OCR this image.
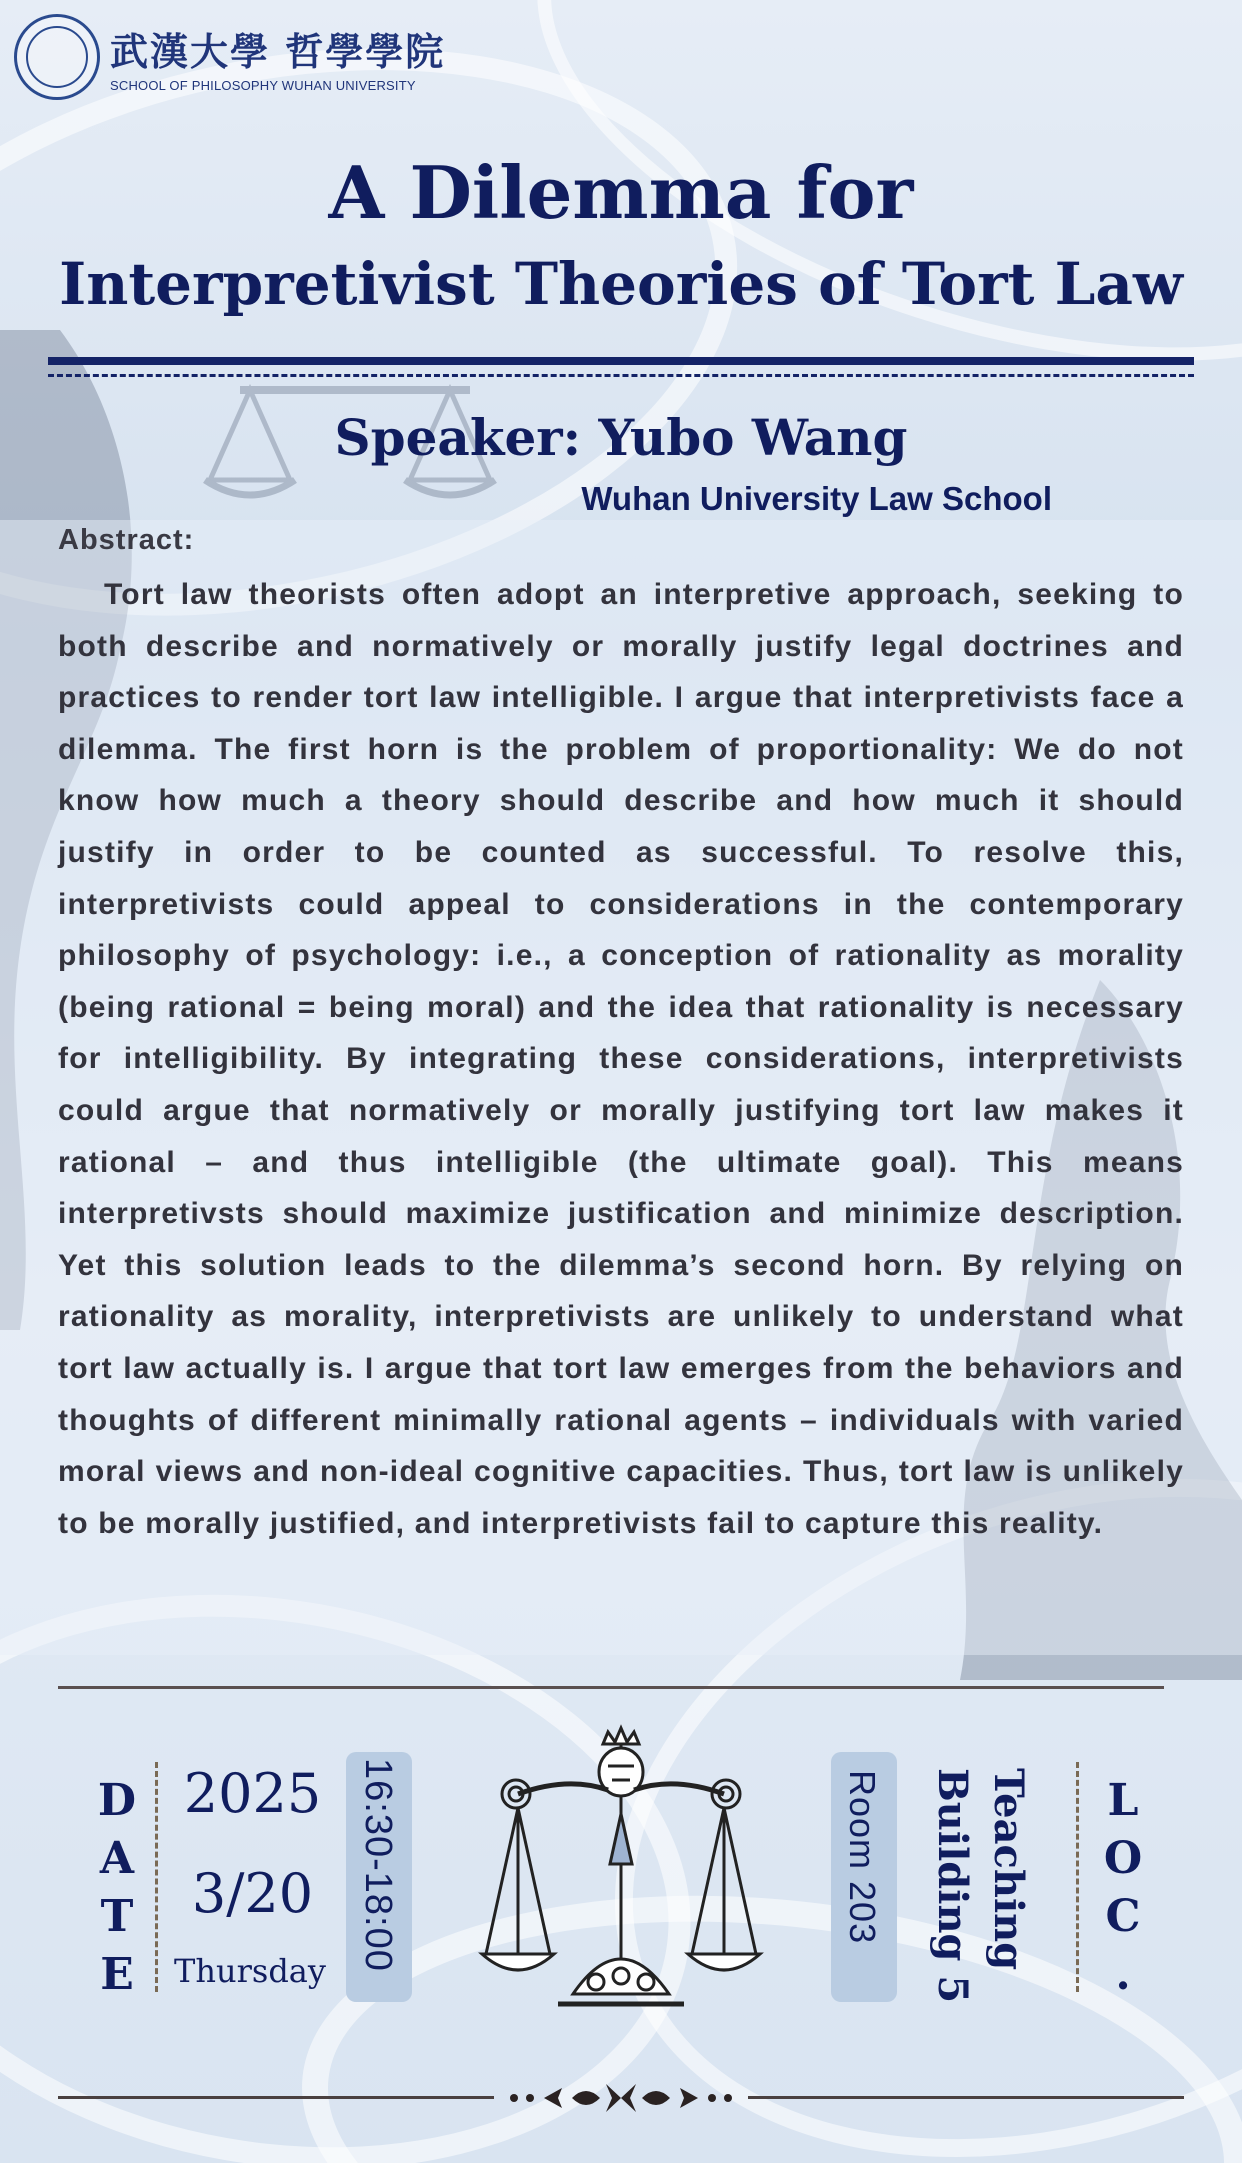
武漢大學 哲學學院
SCHOOL OF PHILOSOPHY WUHAN UNIVERSITY
A Dilemma for
Interpretivist Theories of Tort Law
Speaker: Yubo Wang
Wuhan University Law School
Abstract:
Tort law theorists often adopt an interpretive approach, seeking to both describe and normatively or morally justify legal doctrines and practices to render tort law intelligible. I argue that interpretivists face a dilemma. The first horn is the problem of proportionality: We do not know how much a theory should describe and how much it should justify in order to be counted as successful. To resolve this, interpretivists could appeal to considerations in the contemporary philosophy of psychology: i.e., a conception of rationality as morality (being rational = being moral) and the idea that rationality is necessary for intelligibility. By integrating these considerations, interpretivists could argue that normatively or morally justifying tort law makes it rational – and thus intelligible (the ultimate goal). This means interpretivsts should maximize justification and minimize description. Yet this solution leads to the dilemma’s second horn. By relying on rationality as morality, interpretivists are unlikely to understand what tort law actually is. I argue that tort law emerges from the behaviors and thoughts of different minimally rational agents – individuals with varied moral views and non-ideal cognitive capacities. Thus, tort law is unlikely to be morally justified, and interpretivists fail to capture this reality.
D
A
T
E
2025
3/20
Thursday 16:30-18:00	Room 203	Teaching
Building 5	L
O
C
.
